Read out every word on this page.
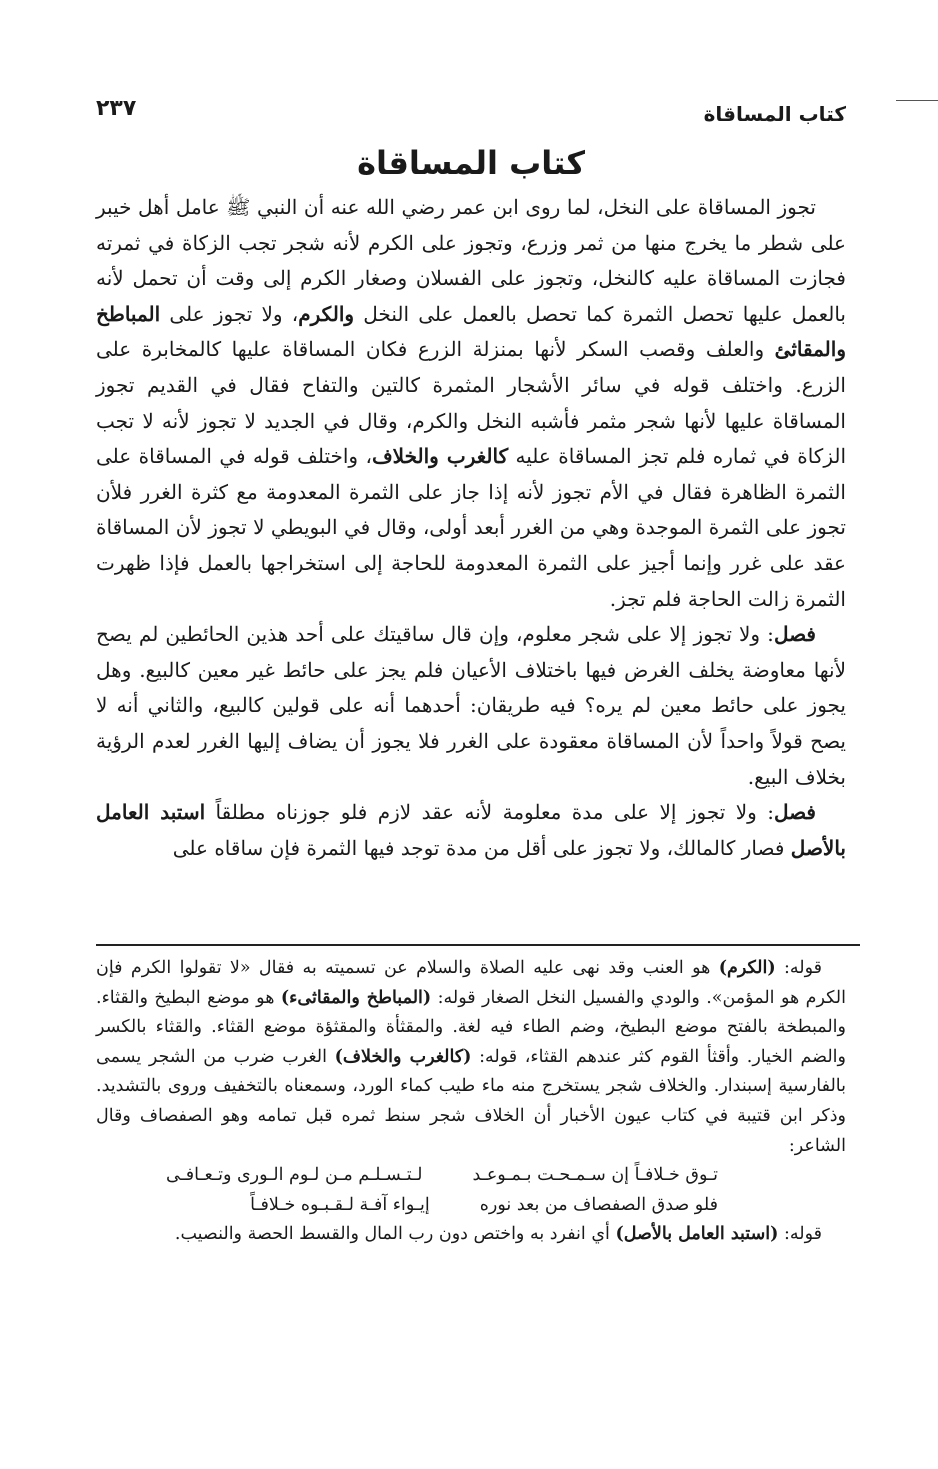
كتاب المساقاة
٢٣٧
كتاب المساقاة

تجوز المساقاة على النخل، لما روى ابن عمر رضي الله عنه أن النبي ﷺ عامل أهل خيبر على شطر ما يخرج منها من ثمر وزرع، وتجوز على الكرم لأنه شجر تجب الزكاة في ثمرته فجازت المساقاة عليه كالنخل، وتجوز على الفسلان وصغار الكرم إلى وقت أن تحمل لأنه بالعمل عليها تحصل الثمرة كما تحصل بالعمل على النخل والكرم، ولا تجوز على المباطخ والمقاثئ والعلف وقصب السكر لأنها بمنزلة الزرع فكان المساقاة عليها كالمخابرة على الزرع. واختلف قوله في سائر الأشجار المثمرة كالتين والتفاح فقال في القديم تجوز المساقاة عليها لأنها شجر مثمر فأشبه النخل والكرم، وقال في الجديد لا تجوز لأنه لا تجب الزكاة في ثماره فلم تجز المساقاة عليه كالغرب والخلاف، واختلف قوله في المساقاة على الثمرة الظاهرة فقال في الأم تجوز لأنه إذا جاز على الثمرة المعدومة مع كثرة الغرر فلأن تجوز على الثمرة الموجدة وهي من الغرر أبعد أولى، وقال في البويطي لا تجوز لأن المساقاة عقد على غرر وإنما أجيز على الثمرة المعدومة للحاجة إلى استخراجها بالعمل فإذا ظهرت الثمرة زالت الحاجة فلم تجز.

فصل: ولا تجوز إلا على شجر معلوم، وإن قال ساقيتك على أحد هذين الحائطين لم يصح لأنها معاوضة يخلف الغرض فيها باختلاف الأعيان فلم يجز على حائط غير معين كالبيع. وهل يجوز على حائط معين لم يره؟ فيه طريقان: أحدهما أنه على قولين كالبيع، والثاني أنه لا يصح قولاً واحداً لأن المساقاة معقودة على الغرر فلا يجوز أن يضاف إليها الغرر لعدم الرؤية بخلاف البيع.

فصل: ولا تجوز إلا على مدة معلومة لأنه عقد لازم فلو جوزناه مطلقاً استبد العامل بالأصل فصار كالمالك، ولا تجوز على أقل من مدة توجد فيها الثمرة فإن ساقاه على

قوله: (الكرم) هو العنب وقد نهى عليه الصلاة والسلام عن تسميته به فقال «لا تقولوا الكرم فإن الكرم هو المؤمن». والودي والفسيل النخل الصغار قوله: (المباطخ والمقاثىء) هو موضع البطيخ والقثاء. والمبطخة بالفتح موضع البطيخ، وضم الطاء فيه لغة. والمقثأة والمقثؤة موضع القثاء. والقثاء بالكسر والضم الخيار. وأقثأ القوم كثر عندهم القثاء، قوله: (كالغرب والخلاف) الغرب ضرب من الشجر يسمى بالفارسية إسبندار. والخلاف شجر يستخرج منه ماء طيب كماء الورد، وسمعناه بالتخفيف وروى بالتشديد. وذكر ابن قتيبة في كتاب عيون الأخبار أن الخلاف شجر سنط ثمره قبل تمامه وهو الصفصاف وقال الشاعر:

تـوق خـلافـاً إن سـمـحـت بـمـوعـد
لـتـسـلـم مـن لـوم الـورى وتـعـافـى
فلو صدق الصفصاف من بعد نوره
إيـواء آفـة لـقـبـوه خـلافـاً

قوله: (استبد العامل بالأصل) أي انفرد به واختص دون رب المال والقسط الحصة والنصيب.
